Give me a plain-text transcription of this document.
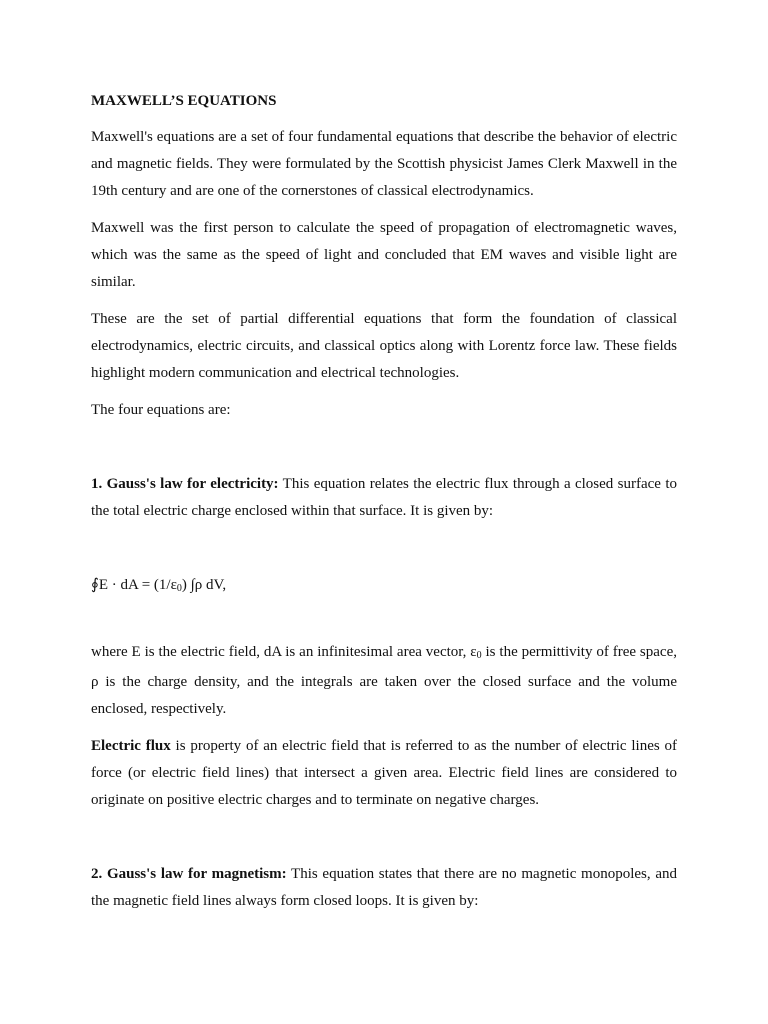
MAXWELL’S EQUATIONS

Maxwell's equations are a set of four fundamental equations that describe the behavior of electric and magnetic fields. They were formulated by the Scottish physicist James Clerk Maxwell in the 19th century and are one of the cornerstones of classical electrodynamics.

Maxwell was the first person to calculate the speed of propagation of electromagnetic waves, which was the same as the speed of light and concluded that EM waves and visible light are similar.

These are the set of partial differential equations that form the foundation of classical electrodynamics, electric circuits, and classical optics along with Lorentz force law. These fields highlight modern communication and electrical technologies.

The four equations are:

1. Gauss's law for electricity: This equation relates the electric flux through a closed surface to the total electric charge enclosed within that surface. It is given by:

∮E · dA = $(1/\varepsilon_0)$ ∫ρ dV,

where E is the electric field, dA is an infinitesimal area vector, $\varepsilon_0$ is the permittivity of free space, ρ is the charge density, and the integrals are taken over the closed surface and the volume enclosed, respectively.

Electric flux is property of an electric field that is referred to as the number of electric lines of force (or electric field lines) that intersect a given area. Electric field lines are considered to originate on positive electric charges and to terminate on negative charges.

2. Gauss's law for magnetism: This equation states that there are no magnetic monopoles, and the magnetic field lines always form closed loops. It is given by:
